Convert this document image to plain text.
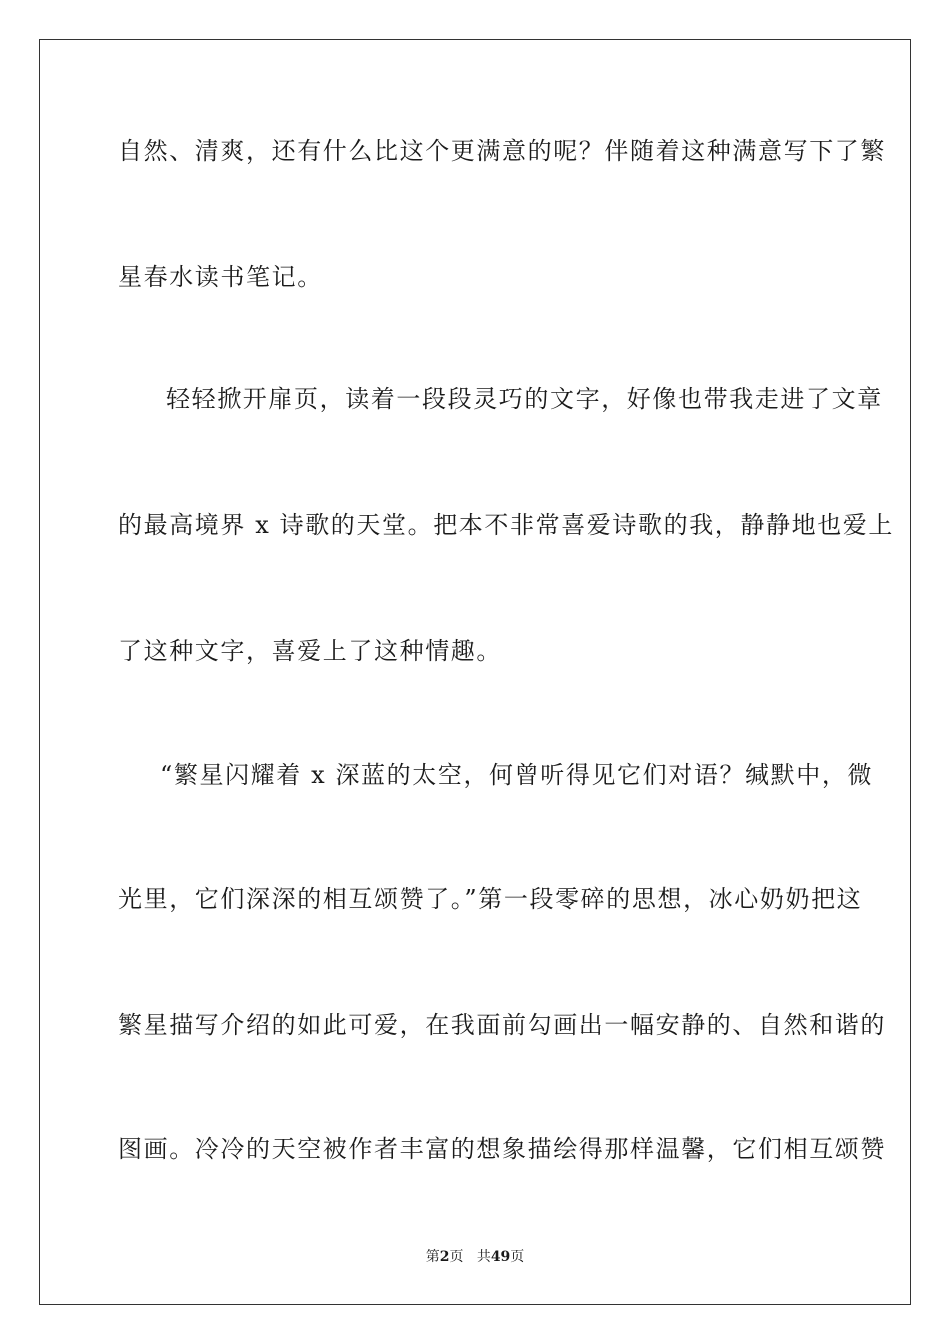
自然、清爽，还有什么比这个更满意的呢？伴随着这种满意写下了繁
星春水读书笔记。
轻轻掀开扉页，读着一段段灵巧的文字，好像也带我走进了文章
的最高境界 x 诗歌的天堂。把本不非常喜爱诗歌的我，静静地也爱上
了这种文字，喜爱上了这种情趣。
“繁星闪耀着 x 深蓝的太空，何曾听得见它们对语？缄默中，微
光里，它们深深的相互颂赞了。”第一段零碎的思想，冰心奶奶把这
繁星描写介绍的如此可爱，在我面前勾画出一幅安静的、自然和谐的
图画。冷冷的天空被作者丰富的想象描绘得那样温馨，它们相互颂赞
第2页 共49页
